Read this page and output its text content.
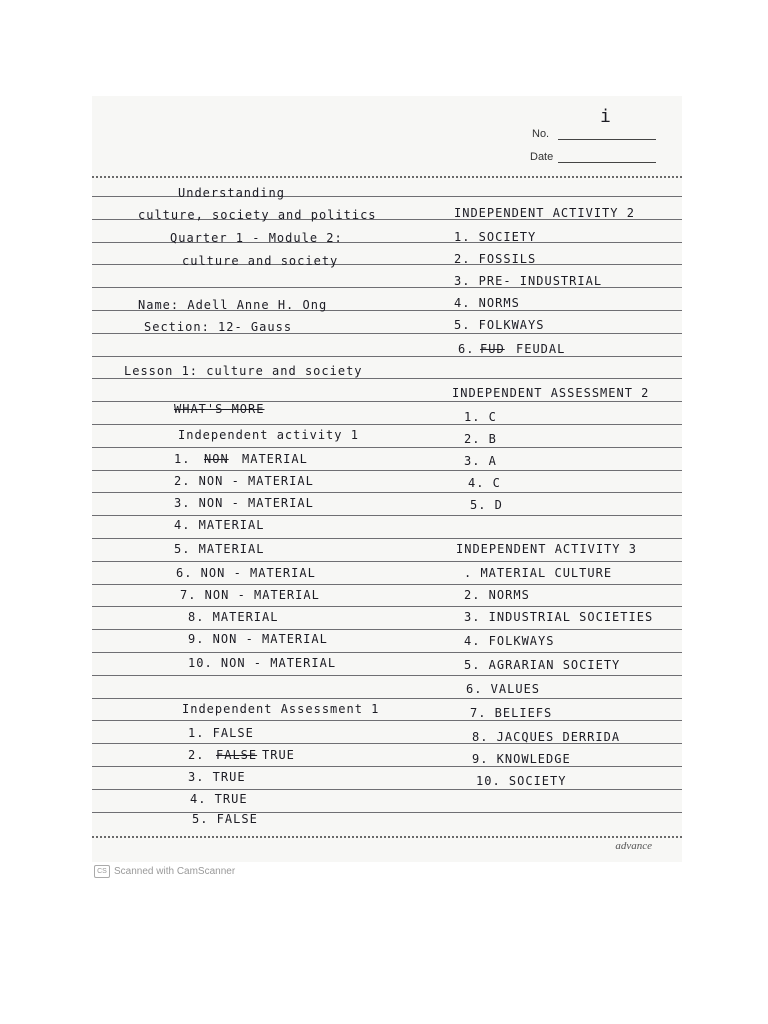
i
No.
Date
Understanding
culture, society and politics
Quarter 1 - Module 2:
culture and society
Name: Adell Anne H. Ong
Section: 12- Gauss
Lesson 1: culture and society
WHAT'S MORE
Independent activity 1
1. NON MATERIAL
2. NON - MATERIAL
3. NON - MATERIAL
4. MATERIAL
5. MATERIAL
6. NON - MATERIAL
7. NON - MATERIAL
8. MATERIAL
9. NON - MATERIAL
10. NON - MATERIAL
Independent Assessment 1
1. FALSE
2. FALSE TRUE
3. TRUE
4. TRUE
5. FALSE
INDEPENDENT ACTIVITY 2
1. SOCIETY
2. FOSSILS
3. PRE- INDUSTRIAL
4. NORMS
5. FOLKWAYS
6. FUD FEUDAL
INDEPENDENT ASSESSMENT 2
1. C
2. B
3. A
4. C
5. D
INDEPENDENT ACTIVITY 3
. MATERIAL CULTURE
2. NORMS
3. INDUSTRIAL SOCIETIES
4. FOLKWAYS
5. AGRARIAN SOCIETY
6. VALUES
7. BELIEFS
8. JACQUES DERRIDA
9. KNOWLEDGE
10. SOCIETY
advance
CS Scanned with CamScanner
